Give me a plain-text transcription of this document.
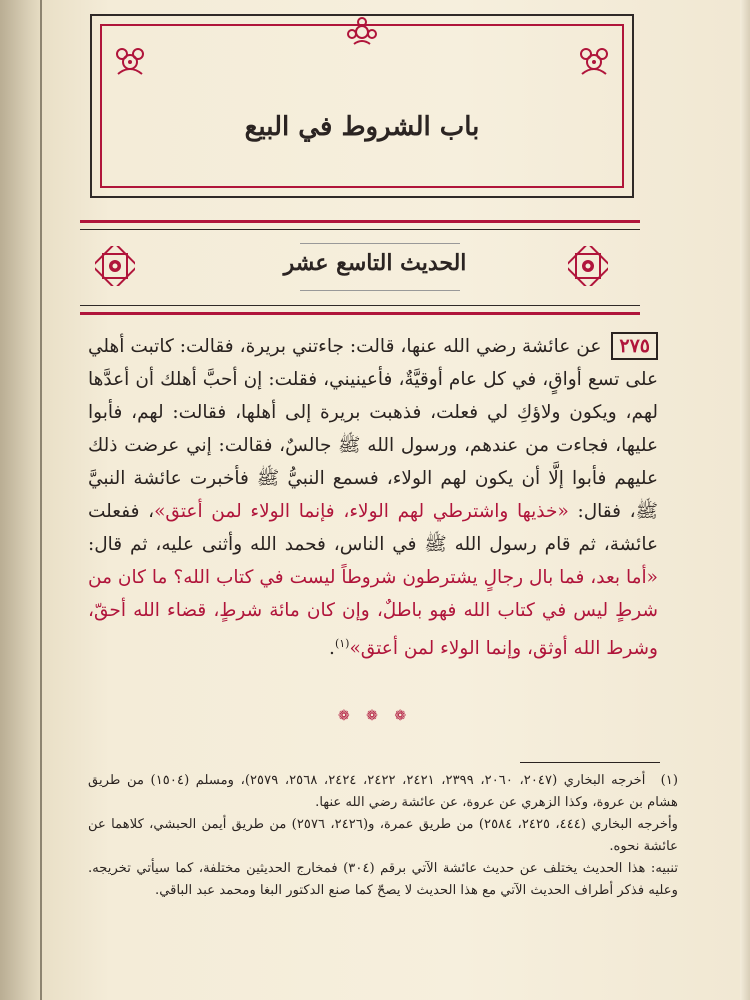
باب الشروط في البيع
الحديث التاسع عشر
٢٧٥ عن عائشة رضي الله عنها، قالت: جاءتني بريرة، فقالت: كاتبت أهلي على تسع أواقٍ، في كل عام أوقيَّةٌ، فأعينيني، فقلت: إن أحبَّ أهلك أن أعدَّها لهم، ويكون ولاؤكِ لي فعلت، فذهبت بريرة إلى أهلها، فقالت: لهم، فأبوا عليها، فجاءت من عندهم، ورسول الله ﷺ جالسٌ، فقالت: إني عرضت ذلك عليهم فأبوا إلَّا أن يكون لهم الولاء، فسمع النبيُّ ﷺ فأخبرت عائشة النبيَّ ﷺ، فقال: «خذيها واشترطي لهم الولاء، فإنما الولاء لمن أعتق»، ففعلت عائشة، ثم قام رسول الله ﷺ في الناس، فحمد الله وأثنى عليه، ثم قال: «أما بعد، فما بال رجالٍ يشترطون شروطاً ليست في كتاب الله؟ ما كان من شرطٍ ليس في كتاب الله فهو باطلٌ، وإن كان مائة شرطٍ، قضاء الله أحقّ، وشرط الله أوثق، وإنما الولاء لمن أعتق»$^{(١)}$.
❁ ❁ ❁
(١) أخرجه البخاري (٢٠٤٧، ٢٠٦٠، ٢٣٩٩، ٢٤٢١، ٢٤٢٢، ٢٤٢٤، ٢٥٦٨، ٢٥٧٩)، ومسلم (١٥٠٤) من طريق هشام بن عروة، وكذا الزهري عن عروة، عن عائشة رضي الله عنها.
وأخرجه البخاري (٤٤٤، ٢٤٢٥، ٢٥٨٤) من طريق عمرة، و(٢٤٢٦، ٢٥٧٦) من طريق أيمن الحبشي، كلاهما عن عائشة نحوه.
تنبيه: هذا الحديث يختلف عن حديث عائشة الآتي برقم (٣٠٤) فمخارج الحديثين مختلفة، كما سيأتي تخريجه. وعليه فذكر أطراف الحديث الآتي مع هذا الحديث لا يصحّ كما صنع الدكتور البغا ومحمد عبد الباقي.
